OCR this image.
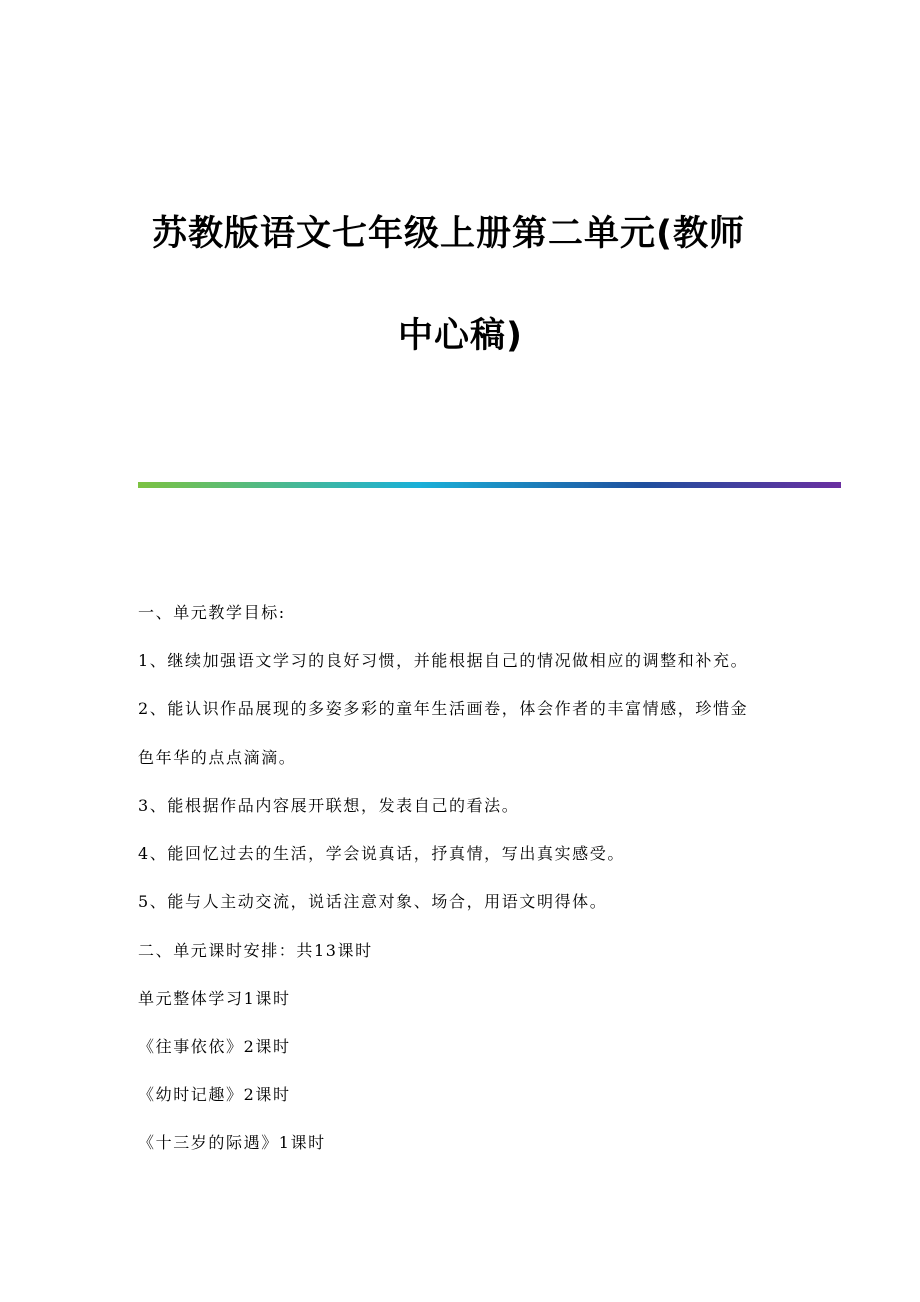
苏教版语文七年级上册第二单元(教师
中心稿)
一、单元教学目标:
1、继续加强语文学习的良好习惯，并能根据自己的情况做相应的调整和补充。
2、能认识作品展现的多姿多彩的童年生活画卷，体会作者的丰富情感，珍惜金
色年华的点点滴滴。
3、能根据作品内容展开联想，发表自己的看法。
4、能回忆过去的生活，学会说真话，抒真情，写出真实感受。
5、能与人主动交流，说话注意对象、场合，用语文明得体。
二、单元课时安排：共13课时
单元整体学习1课时
《往事依依》2课时
《幼时记趣》2课时
《十三岁的际遇》1课时
